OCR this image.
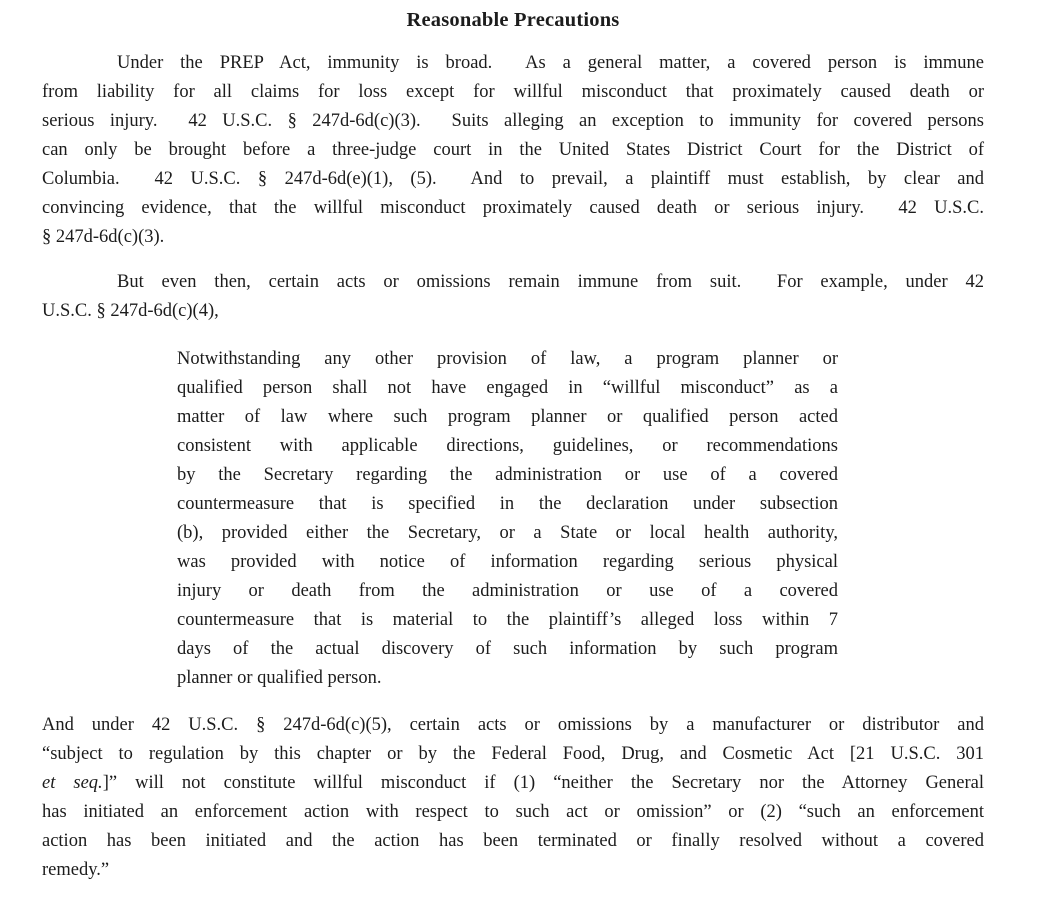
Reasonable Precautions
Under the PREP Act, immunity is broad.  As a general matter, a covered person is immune
from liability for all claims for loss except for willful misconduct that proximately caused death or
serious injury.  42 U.S.C. § 247d-6d(c)(3).  Suits alleging an exception to immunity for covered persons
can only be brought before a three-judge court in the United States District Court for the District of
Columbia.  42 U.S.C. § 247d-6d(e)(1), (5).  And to prevail, a plaintiff must establish, by clear and
convincing evidence, that the willful misconduct proximately caused death or serious injury.  42 U.S.C.
§ 247d-6d(c)(3).
But even then, certain acts or omissions remain immune from suit.  For example, under 42
U.S.C. § 247d-6d(c)(4),
Notwithstanding any other provision of law, a program planner or
qualified person shall not have engaged in “willful misconduct” as a
matter of law where such program planner or qualified person acted
consistent with applicable directions, guidelines, or recommendations
by the Secretary regarding the administration or use of a covered
countermeasure that is specified in the declaration under subsection
(b), provided either the Secretary, or a State or local health authority,
was provided with notice of information regarding serious physical
injury or death from the administration or use of a covered
countermeasure that is material to the plaintiff’s alleged loss within 7
days of the actual discovery of such information by such program
planner or qualified person.
And under 42 U.S.C. § 247d-6d(c)(5), certain acts or omissions by a manufacturer or distributor and
“subject to regulation by this chapter or by the Federal Food, Drug, and Cosmetic Act [21 U.S.C. 301
et seq.]” will not constitute willful misconduct if (1) “neither the Secretary nor the Attorney General
has initiated an enforcement action with respect to such act or omission” or (2) “such an enforcement
action has been initiated and the action has been terminated or finally resolved without a covered
remedy.”
